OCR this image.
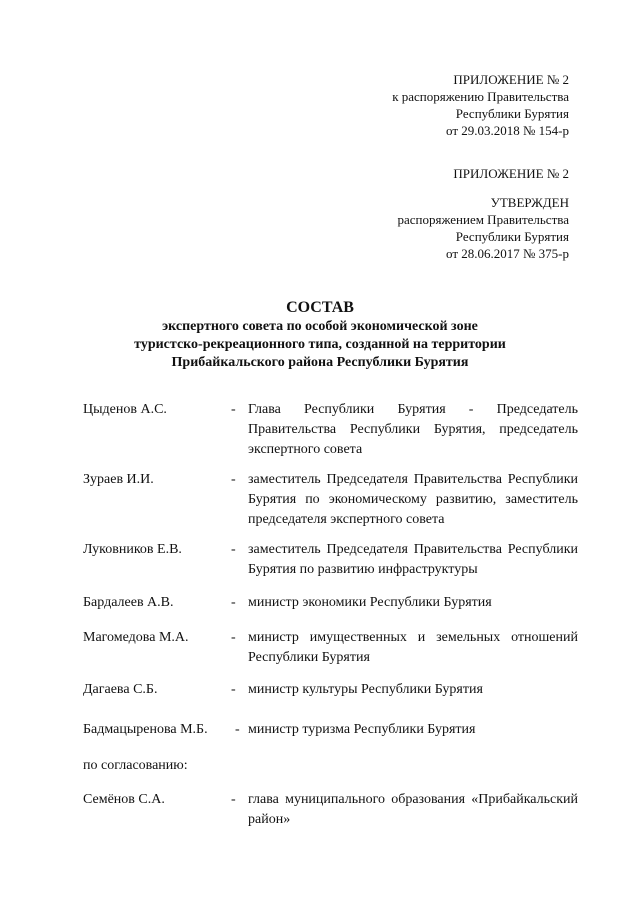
ПРИЛОЖЕНИЕ № 2
к распоряжению Правительства
Республики Бурятия
от 29.03.2018 № 154-р
ПРИЛОЖЕНИЕ № 2
УТВЕРЖДЕН
распоряжением Правительства
Республики Бурятия
от 28.06.2017 № 375-р
СОСТАВ
экспертного совета по особой экономической зоне
туристско-рекреационного типа, созданной на территории
Прибайкальского района Республики Бурятия
Цыденов А.С.	- Глава Республики Бурятия - Председатель Правительства Республики Бурятия, председатель экспертного совета
Зураев И.И.	- заместитель Председателя Правительства Республики Бурятия по экономическому развитию, заместитель председателя экспертного совета
Луковников Е.В.	- заместитель Председателя Правительства Республики Бурятия по развитию инфраструктуры
Бардалеев А.В.	- министр экономики Республики Бурятия
Магомедова М.А.	- министр имущественных и земельных отношений Республики Бурятия
Дагаева С.Б.	- министр культуры Республики Бурятия
Бадмацыренова М.Б. - министр туризма Республики Бурятия
по согласованию:
Семёнов С.А.	- глава муниципального образования «Прибайкальский район»
